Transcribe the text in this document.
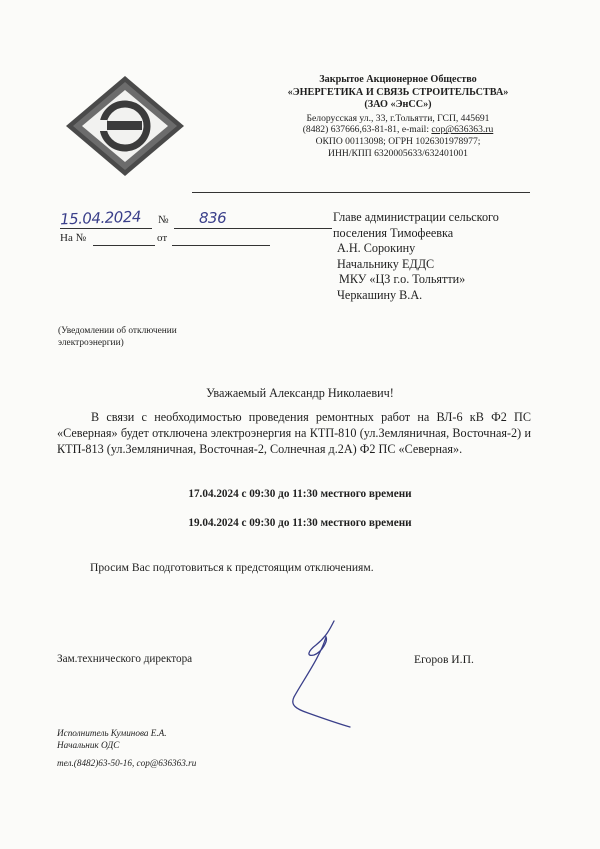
Закрытое Акционерное Общество
«ЭНЕРГЕТИКА И СВЯЗЬ СТРОИТЕЛЬСТВА»
(ЗАО «ЭнСС»)
Белорусская ул., 33, г.Тольятти, ГСП, 445691
(8482) 637666,63-81-81, e-mail: cop@636363.ru
ОКПО 00113098; ОГРН 1026301978977;
ИНН/КПП 6320005633/632401001
15.04.2024 № 836
На №	от
Главе администрации сельского
поселения Тимофеевка
А.Н. Сорокину
Начальнику ЕДДС
МКУ «ЦЗ г.о. Тольятти»
Черкашину В.А.
(Уведомлении об отключении
электроэнергии)
Уважаемый Александр Николаевич!
В связи с необходимостью проведения ремонтных работ на ВЛ-6 кВ Ф2 ПС «Северная» будет отключена электроэнергия на КТП-810 (ул.Земляничная, Восточная-2) и КТП-813 (ул.Земляничная, Восточная-2, Солнечная д.2А) Ф2 ПС «Северная».
17.04.2024 с 09:30 до 11:30 местного времени
19.04.2024 с 09:30 до 11:30 местного времени
Просим Вас подготовиться к предстоящим отключениям.
Зам.технического директора	Егоров И.П.
Исполнитель Куминова Е.А.
Начальник ОДС
тел.(8482)63-50-16, cop@636363.ru
